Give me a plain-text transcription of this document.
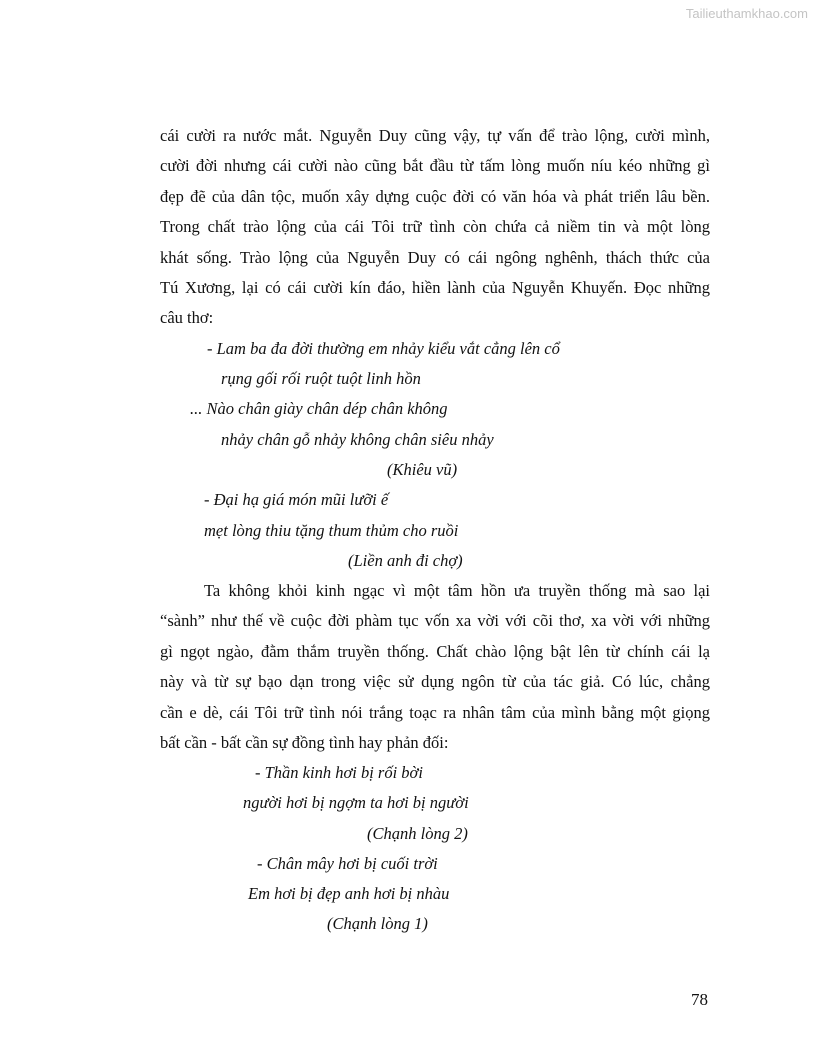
Tailieuthamkhao.com
cái cười ra nước mắt. Nguyễn Duy cũng vậy, tự vấn để trào lộng, cười mình,
cười đời nhưng cái cười nào cũng bắt đầu từ tấm lòng muốn níu kéo những gì
đẹp đẽ của dân tộc, muốn xây dựng cuộc đời có văn hóa và phát triển lâu bền.
Trong chất trào lộng của cái Tôi trữ tình còn chứa cả niềm tin và một lòng
khát sống. Trào lộng của Nguyễn Duy có cái ngông nghênh, thách thức của
Tú Xương, lại có cái cười kín đáo, hiền lành của Nguyễn Khuyến. Đọc những
câu thơ:
- Lam ba đa đời thường em nhảy kiểu vắt cẳng lên cổ
rụng gối rối ruột tuột linh hồn
... Nào chân giày chân dép chân không
nhảy chân gỗ nhảy không chân siêu nhảy
(Khiêu vũ)
- Đại hạ giá món mũi lưỡi ế
mẹt lòng thiu tặng thum thủm cho ruồi
(Liền anh đi chợ)
Ta không khỏi kinh ngạc vì một tâm hồn ưa truyền thống mà sao lại
“sành” như thế về cuộc đời phàm tục vốn xa vời với cõi thơ, xa vời với những
gì ngọt ngào, đằm thắm truyền thống. Chất chào lộng bật lên từ chính cái lạ
này và từ sự bạo dạn trong việc sử dụng ngôn từ của tác giả. Có lúc, chẳng
cần e dè, cái Tôi trữ tình nói trắng toạc ra nhân tâm của mình bằng một giọng
bất cần - bất cần sự đồng tình hay phản đối:
- Thần kinh hơi bị rối bời
người hơi bị ngợm ta hơi bị người
(Chạnh lòng 2)
- Chân mây hơi bị cuối trời
Em hơi bị đẹp anh hơi bị nhàu
(Chạnh lòng 1)
78
